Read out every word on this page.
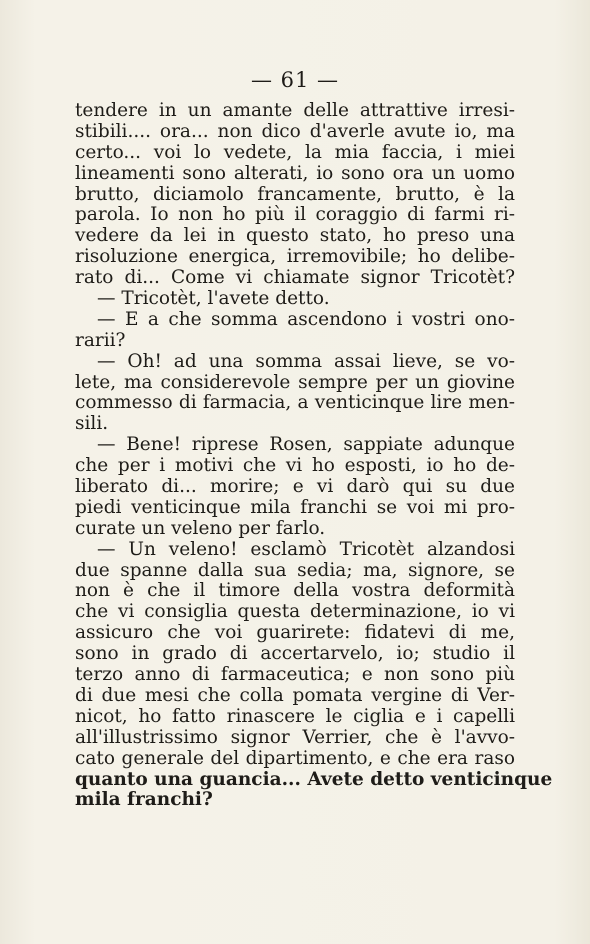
— 61 —
tendere in un amante delle attrattive irresi-
stibili.... ora... non dico d'averle avute io, ma
certo... voi lo vedete, la mia faccia, i miei
lineamenti sono alterati, io sono ora un uomo
brutto, diciamolo francamente, brutto, è la
parola. Io non ho più il coraggio di farmi ri-
vedere da lei in questo stato, ho preso una
risoluzione energica, irremovibile; ho delibe-
rato di... Come vi chiamate signor Tricotèt?
— Tricotèt, l'avete detto.
— E a che somma ascendono i vostri ono-
rarii?
— Oh! ad una somma assai lieve, se vo-
lete, ma considerevole sempre per un giovine
commesso di farmacia, a venticinque lire men-
sili.
— Bene! riprese Rosen, sappiate adunque
che per i motivi che vi ho esposti, io ho de-
liberato di... morire; e vi darò qui su due
piedi venticinque mila franchi se voi mi pro-
curate un veleno per farlo.
— Un veleno! esclamò Tricotèt alzandosi
due spanne dalla sua sedia; ma, signore, se
non è che il timore della vostra deformità
che vi consiglia questa determinazione, io vi
assicuro che voi guarirete: fidatevi di me,
sono in grado di accertarvelo, io; studio il
terzo anno di farmaceutica; e non sono più
di due mesi che colla pomata vergine di Ver-
nicot, ho fatto rinascere le ciglia e i capelli
all'illustrissimo signor Verrier, che è l'avvo-
cato generale del dipartimento, e che era raso
quanto una guancia... Avete detto venticinque
mila franchi?
